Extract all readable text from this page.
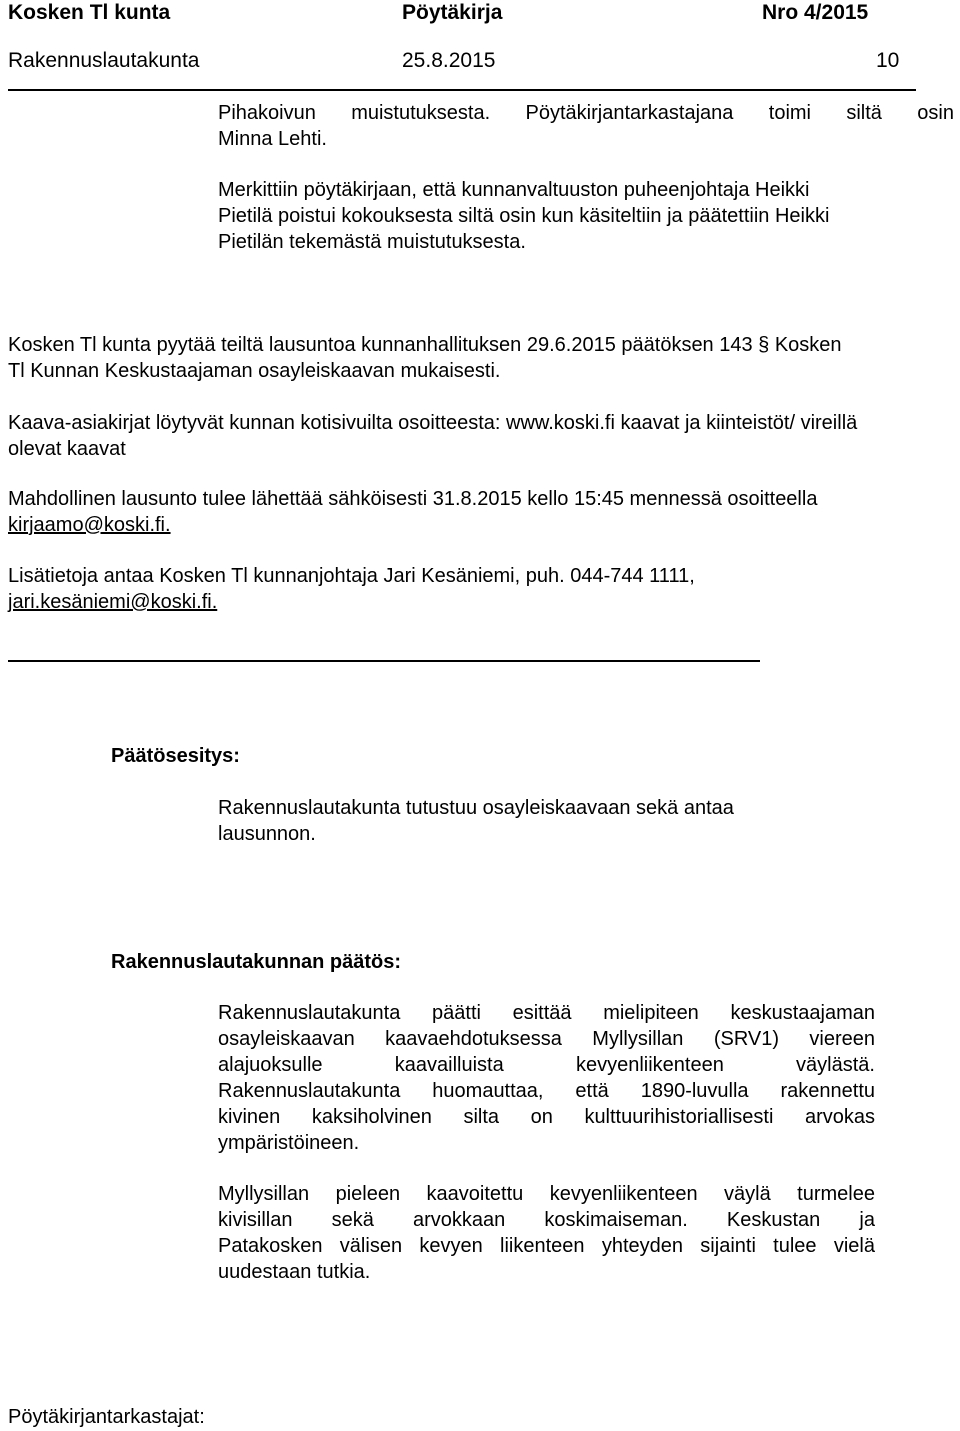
Kosken Tl kunta	Pöytäkirja	Nro 4/2015
Rakennuslautakunta	25.8.2015	10
Pihakoivun muistutuksesta. Pöytäkirjantarkastajana toimi siltä osin
Minna Lehti.
Merkittiin pöytäkirjaan, että kunnanvaltuuston puheenjohtaja Heikki
Pietilä poistui kokouksesta siltä osin kun käsiteltiin ja päätettiin Heikki
Pietilän tekemästä muistutuksesta.
Kosken Tl kunta pyytää teiltä lausuntoa kunnanhallituksen 29.6.2015 päätöksen 143 § Kosken
Tl Kunnan Keskustaajaman osayleiskaavan mukaisesti.
Kaava-asiakirjat löytyvät kunnan kotisivuilta osoitteesta: www.koski.fi kaavat ja kiinteistöt/ vireillä
olevat kaavat
Mahdollinen lausunto tulee lähettää sähköisesti 31.8.2015 kello 15:45 mennessä osoitteella
kirjaamo@koski.fi.
Lisätietoja antaa Kosken Tl kunnanjohtaja Jari Kesäniemi, puh. 044-744 1111,
jari.kesäniemi@koski.fi.
Päätösesitys:
Rakennuslautakunta tutustuu osayleiskaavaan sekä antaa
lausunnon.
Rakennuslautakunnan päätös:
Rakennuslautakunta päätti esittää mielipiteen keskustaajaman
osayleiskaavan kaavaehdotuksessa Myllysillan (SRV1) viereen
alajuoksulle kaavailluista kevyenliikenteen väylästä.
Rakennuslautakunta huomauttaa, että 1890-luvulla rakennettu
kivinen kaksiholvinen silta on kulttuurihistoriallisesti arvokas
ympäristöineen.
Myllysillan pieleen kaavoitettu kevyenliikenteen väylä turmelee
kivisillan sekä arvokkaan koskimaiseman. Keskustan ja
Patakosken välisen kevyen liikenteen yhteyden sijainti tulee vielä
uudestaan tutkia.
Pöytäkirjantarkastajat:
